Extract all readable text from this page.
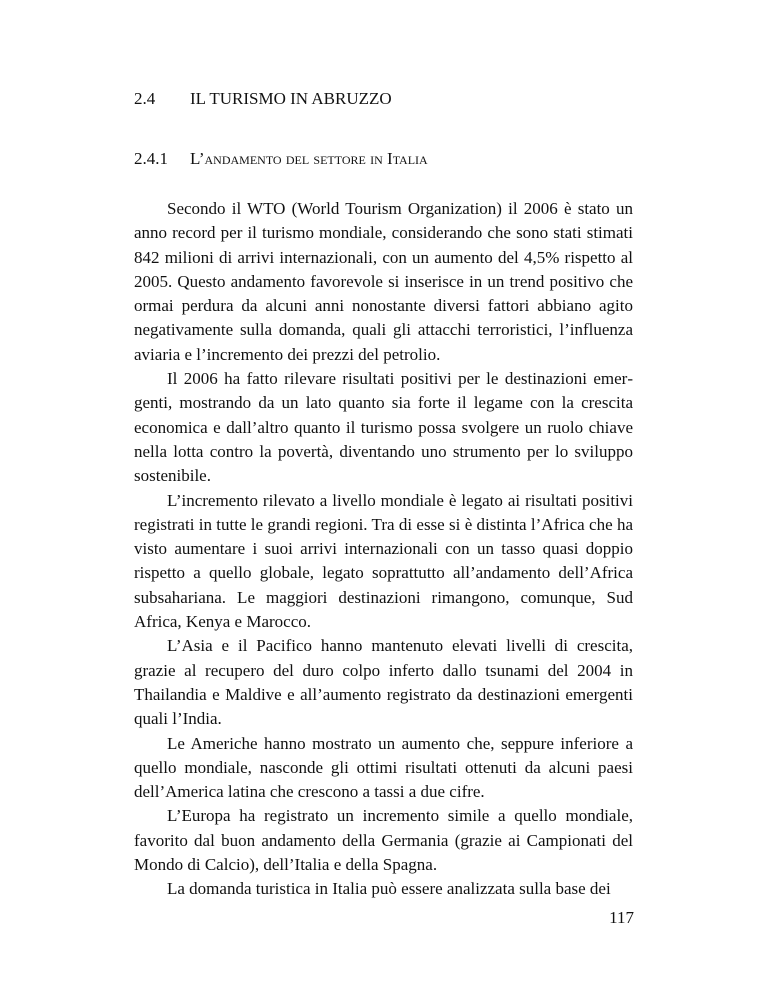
2.4 IL TURISMO IN ABRUZZO
2.4.1 L’andamento del settore in Italia

Secondo il WTO (World Tourism Organization) il 2006 è stato un anno record per il turismo mondiale, considerando che sono stati stimati 842 milioni di arrivi internazionali, con un aumento del 4,5% rispetto al 2005. Questo andamento favorevole si inserisce in un trend positivo che ormai perdura da alcuni anni nonostante diversi fattori abbiano agito negativamente sulla domanda, quali gli attacchi terroristici, l’influenza aviaria e l’incremento dei prezzi del petrolio.

Il 2006 ha fatto rilevare risultati positivi per le destinazioni emergenti, mostrando da un lato quanto sia forte il legame con la crescita economica e dall’altro quanto il turismo possa svolgere un ruolo chiave nella lotta contro la povertà, diventando uno strumento per lo sviluppo sostenibile.

L’incremento rilevato a livello mondiale è legato ai risultati positivi registrati in tutte le grandi regioni. Tra di esse si è distinta l’Africa che ha visto aumentare i suoi arrivi internazionali con un tasso quasi doppio rispetto a quello globale, legato soprattutto all’andamento dell’Africa subsahariana. Le maggiori destinazioni rimangono, comunque, Sud Africa, Kenya e Marocco.

L’Asia e il Pacifico hanno mantenuto elevati livelli di crescita, grazie al recupero del duro colpo inferto dallo tsunami del 2004 in Thailandia e Maldive e all’aumento registrato da destinazioni emergenti quali l’India.

Le Americhe hanno mostrato un aumento che, seppure inferiore a quello mondiale, nasconde gli ottimi risultati ottenuti da alcuni paesi dell’America latina che crescono a tassi a due cifre.

L’Europa ha registrato un incremento simile a quello mondiale, favorito dal buon andamento della Germania (grazie ai Campionati del Mondo di Calcio), dell’Italia e della Spagna.

La domanda turistica in Italia può essere analizzata sulla base dei

117
